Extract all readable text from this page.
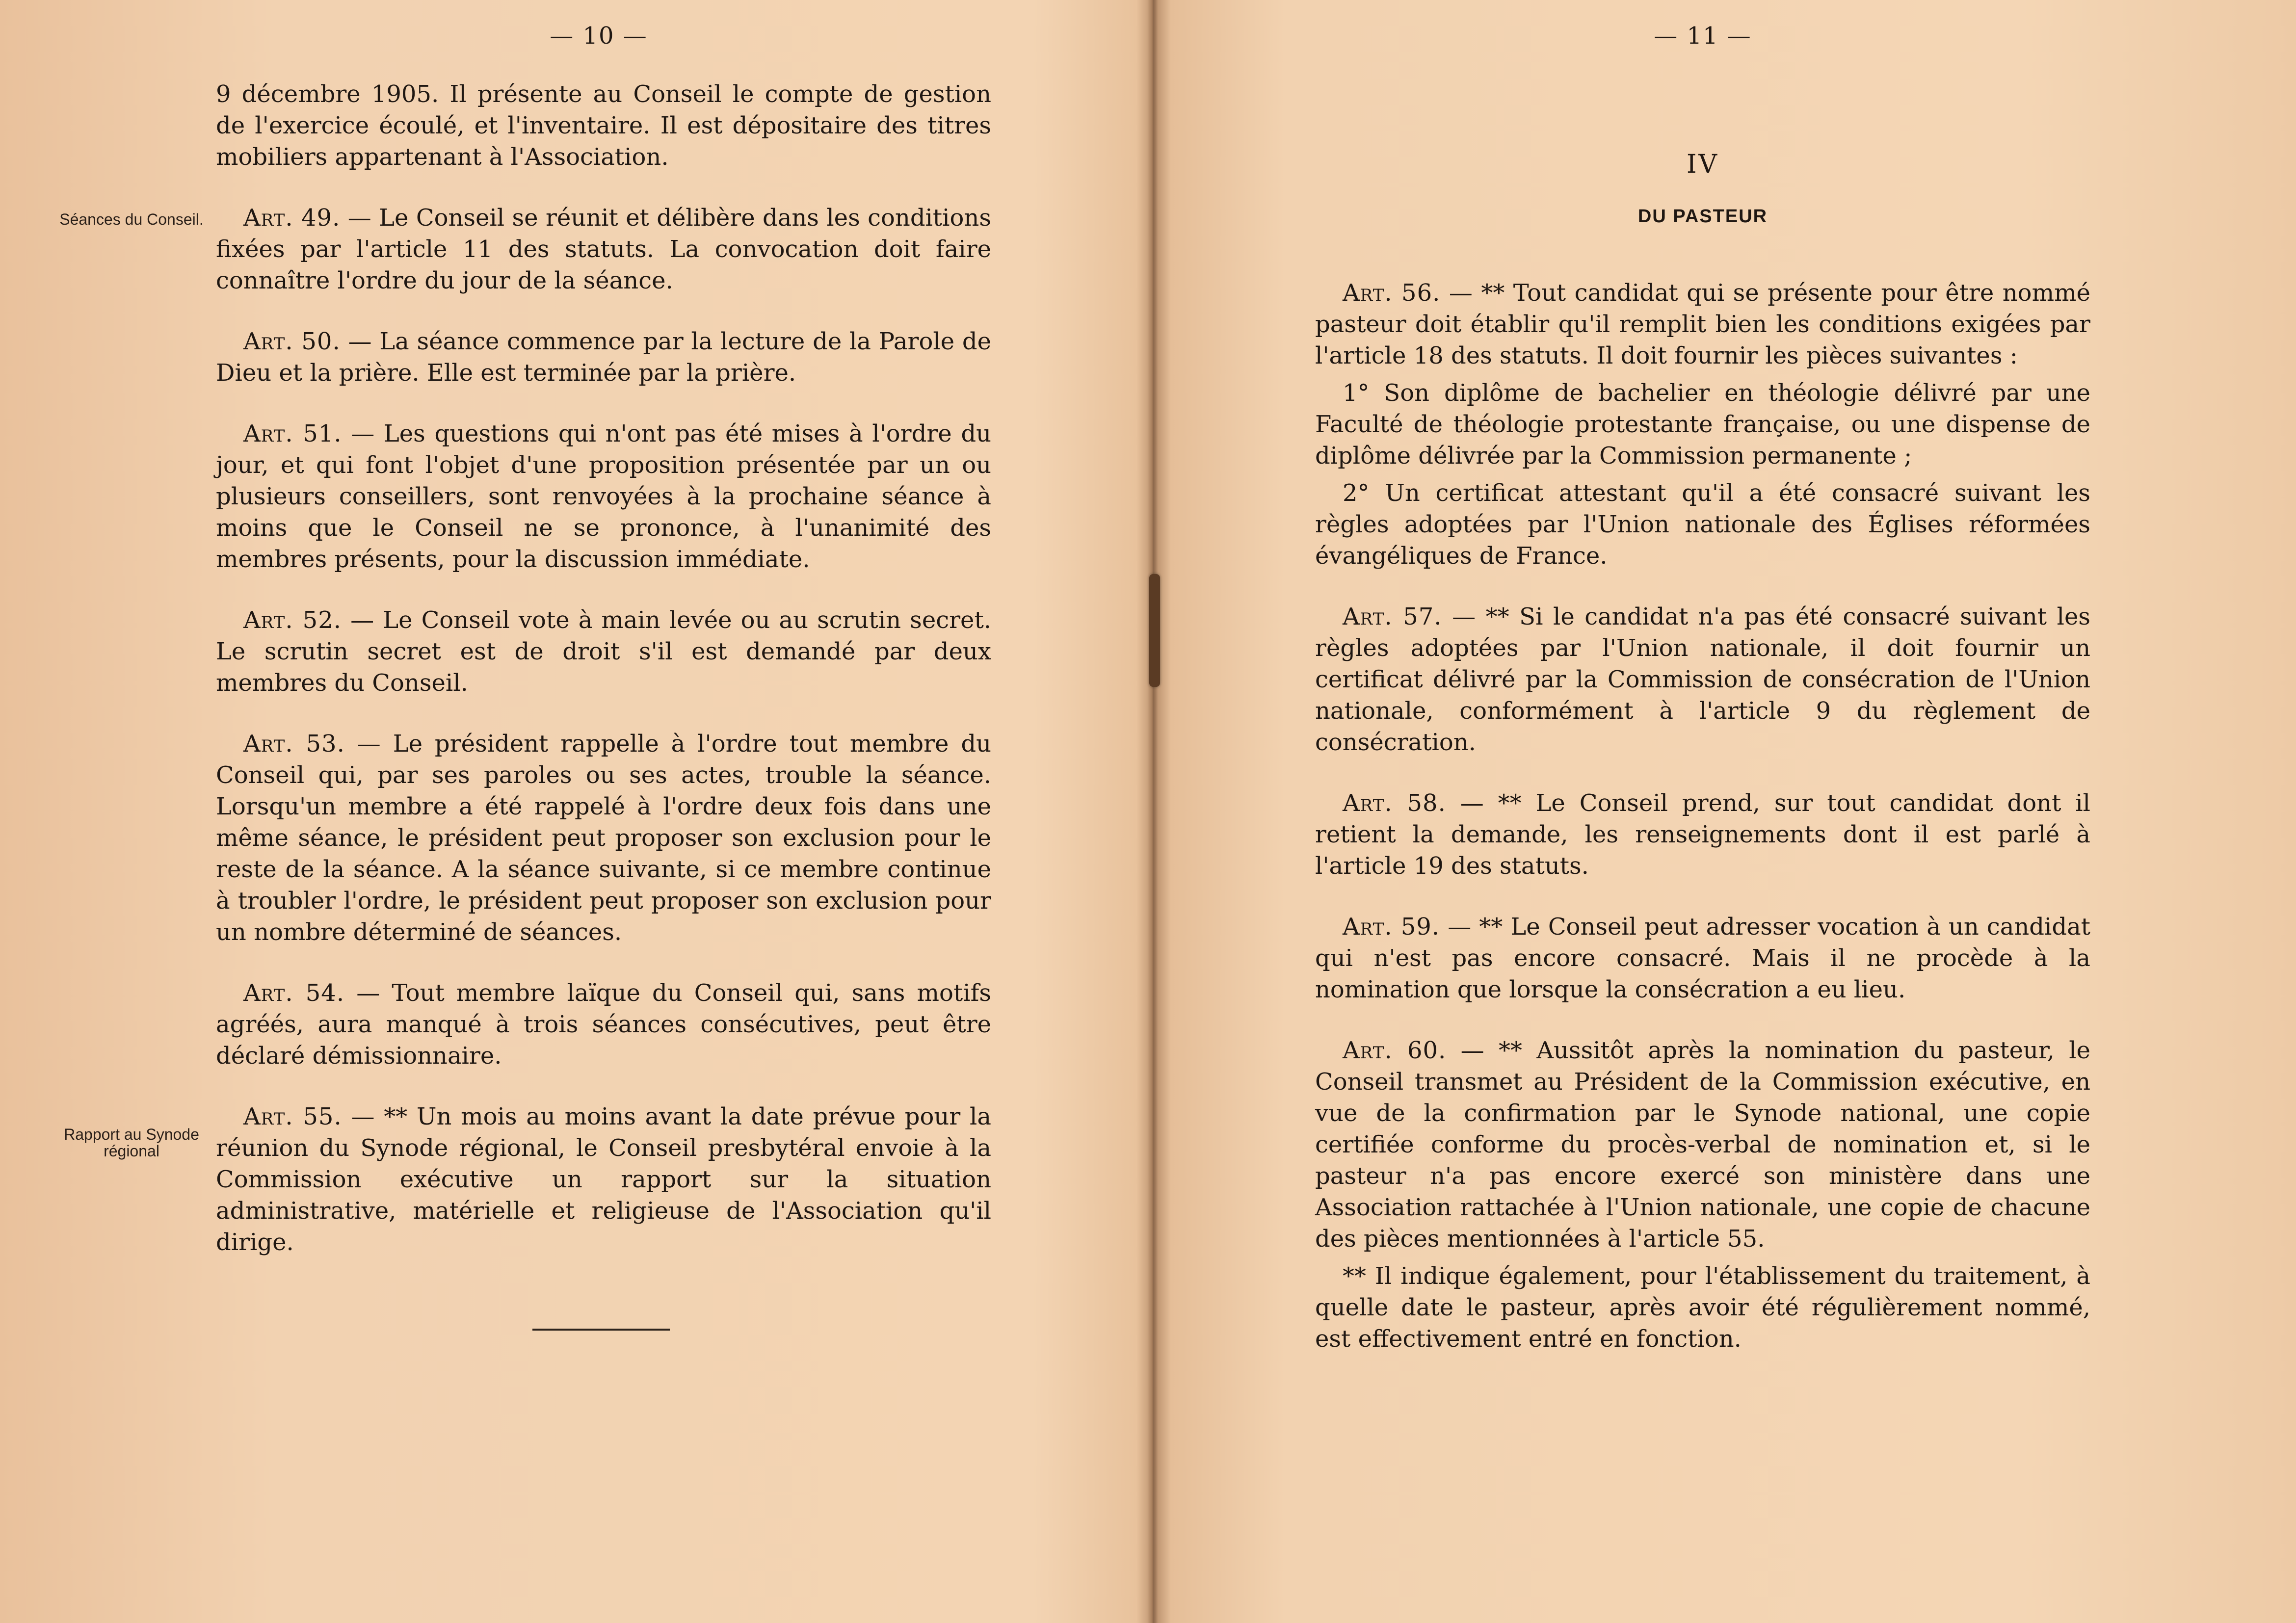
— 10 —
Séances du Conseil.
Rapport au Synode régional

9 décembre 1905. Il présente au Conseil le compte de gestion de l'exercice écoulé, et l'inventaire. Il est dépositaire des titres mobiliers appartenant à l'Association.

Art. 49. — Le Conseil se réunit et délibère dans les conditions fixées par l'article 11 des statuts. La convocation doit faire connaître l'ordre du jour de la séance.

Art. 50. — La séance commence par la lecture de la Parole de Dieu et la prière. Elle est terminée par la prière.

Art. 51. — Les questions qui n'ont pas été mises à l'ordre du jour, et qui font l'objet d'une proposition présentée par un ou plusieurs conseillers, sont renvoyées à la prochaine séance à moins que le Conseil ne se prononce, à l'unanimité des membres présents, pour la discussion immédiate.

Art. 52. — Le Conseil vote à main levée ou au scrutin secret. Le scrutin secret est de droit s'il est demandé par deux membres du Conseil.

Art. 53. — Le président rappelle à l'ordre tout membre du Conseil qui, par ses paroles ou ses actes, trouble la séance. Lorsqu'un membre a été rappelé à l'ordre deux fois dans une même séance, le président peut proposer son exclusion pour le reste de la séance. A la séance suivante, si ce membre continue à troubler l'ordre, le président peut proposer son exclusion pour un nombre déterminé de séances.

Art. 54. — Tout membre laïque du Conseil qui, sans motifs agréés, aura manqué à trois séances consécutives, peut être déclaré démissionnaire.

Art. 55. — ** Un mois au moins avant la date prévue pour la réunion du Synode régional, le Conseil presbytéral envoie à la Commission exécutive un rapport sur la situation administrative, matérielle et religieuse de l'Association qu'il dirige.

— 11 —
IV
DU PASTEUR

Art. 56. — ** Tout candidat qui se présente pour être nommé pasteur doit établir qu'il remplit bien les conditions exigées par l'article 18 des statuts. Il doit fournir les pièces suivantes :

1° Son diplôme de bachelier en théologie délivré par une Faculté de théologie protestante française, ou une dispense de diplôme délivrée par la Commission permanente ;

2° Un certificat attestant qu'il a été consacré suivant les règles adoptées par l'Union nationale des Églises réformées évangéliques de France.

Art. 57. — ** Si le candidat n'a pas été consacré suivant les règles adoptées par l'Union nationale, il doit fournir un certificat délivré par la Commission de consécration de l'Union nationale, conformément à l'article 9 du règlement de consécration.

Art. 58. — ** Le Conseil prend, sur tout candidat dont il retient la demande, les renseignements dont il est parlé à l'article 19 des statuts.

Art. 59. — ** Le Conseil peut adresser vocation à un candidat qui n'est pas encore consacré. Mais il ne procède à la nomination que lorsque la consécration a eu lieu.

Art. 60. — ** Aussitôt après la nomination du pasteur, le Conseil transmet au Président de la Commission exécutive, en vue de la confirmation par le Synode national, une copie certifiée conforme du procès-verbal de nomination et, si le pasteur n'a pas encore exercé son ministère dans une Association rattachée à l'Union nationale, une copie de chacune des pièces mentionnées à l'article 55.

** Il indique également, pour l'établissement du traitement, à quelle date le pasteur, après avoir été régulièrement nommé, est effectivement entré en fonction.
